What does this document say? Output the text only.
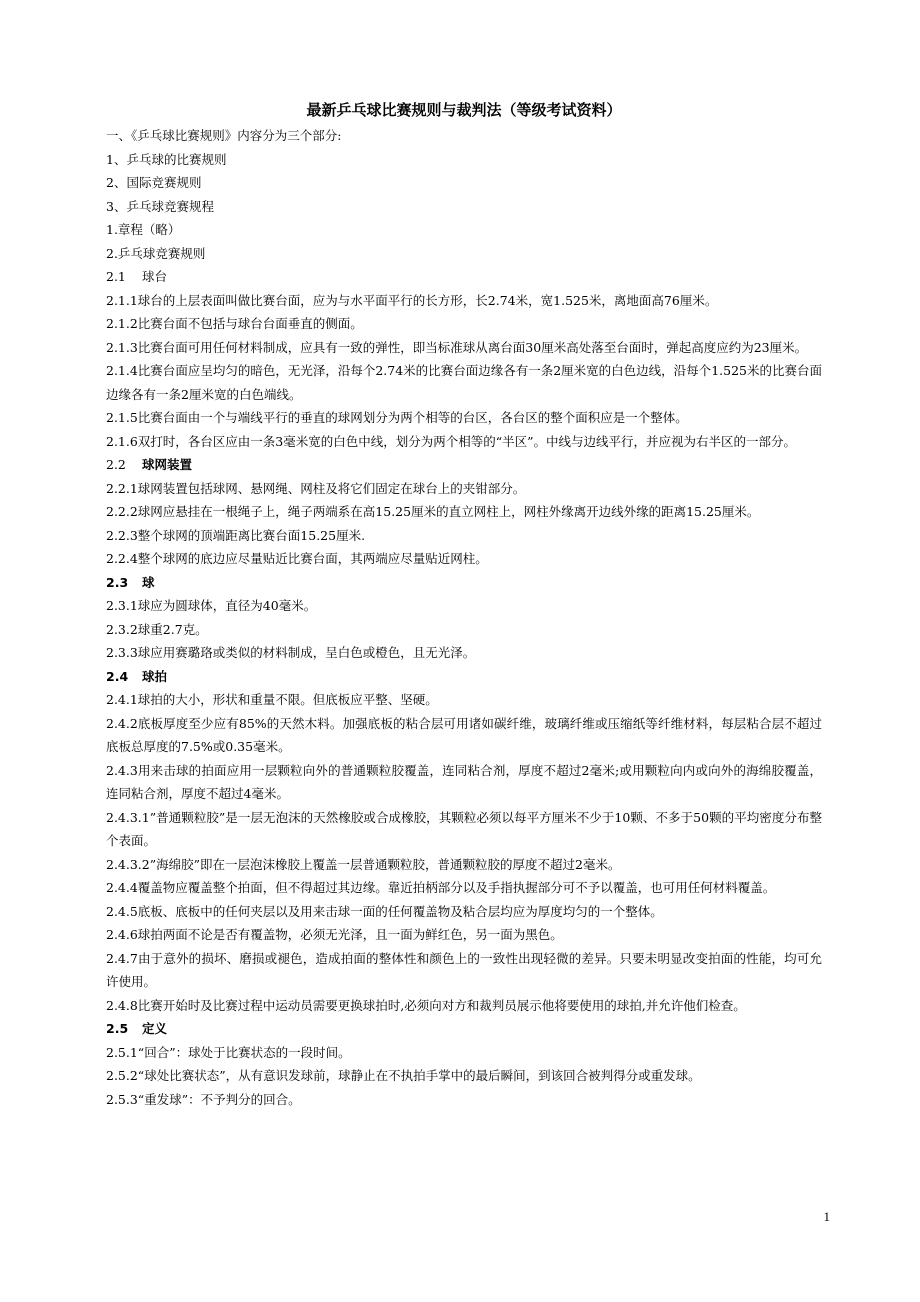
最新乒乓球比赛规则与裁判法（等级考试资料）

一、《乒乓球比赛规则》内容分为三个部分:

1、乒乓球的比赛规则

2、国际竞赛规则

3、乒乓球竞赛规程

1.章程（略）

2.乒乓球竞赛规则

2.1 球台

2.1.1球台的上层表面叫做比赛台面，应为与水平面平行的长方形，长2.74米，宽1.525米，离地面高76厘米。

2.1.2比赛台面不包括与球台台面垂直的侧面。

2.1.3比赛台面可用任何材料制成，应具有一致的弹性，即当标准球从离台面30厘米高处落至台面时，弹起高度应约为23厘米。

2.1.4比赛台面应呈均匀的暗色，无光泽，沿每个2.74米的比赛台面边缘各有一条2厘米宽的白色边线，沿每个1.525米的比赛台面边缘各有一条2厘米宽的白色端线。

2.1.5比赛台面由一个与端线平行的垂直的球网划分为两个相等的台区，各台区的整个面积应是一个整体。

2.1.6双打时，各台区应由一条3毫米宽的白色中线，划分为两个相等的“半区”。中线与边线平行，并应视为右半区的一部分。

2.2 球网装置

2.2.1球网装置包括球网、悬网绳、网柱及将它们固定在球台上的夹钳部分。

2.2.2球网应悬挂在一根绳子上，绳子两端系在高15.25厘米的直立网柱上，网柱外缘离开边线外缘的距离15.25厘米。

2.2.3整个球网的顶端距离比赛台面15.25厘米.

2.2.4整个球网的底边应尽量贴近比赛台面，其两端应尽量贴近网柱。

2.3 球

2.3.1球应为圆球体，直径为40毫米。

2.3.2球重2.7克。

2.3.3球应用赛璐珞或类似的材料制成，呈白色或橙色，且无光泽。

2.4 球拍

2.4.1球拍的大小，形状和重量不限。但底板应平整、坚硬。

2.4.2底板厚度至少应有85%的天然木料。加强底板的粘合层可用诸如碳纤维，玻璃纤维或压缩纸等纤维材料，每层粘合层不超过底板总厚度的7.5%或0.35毫米。

2.4.3用来击球的拍面应用一层颗粒向外的普通颗粒胶覆盖，连同粘合剂，厚度不超过2毫米;或用颗粒向内或向外的海绵胶覆盖，连同粘合剂，厚度不超过4毫米。

2.4.3.1”普通颗粒胶”是一层无泡沫的天然橡胶或合成橡胶，其颗粒必须以每平方厘米不少于10颗、不多于50颗的平均密度分布整个表面。

2.4.3.2”海绵胶”即在一层泡沫橡胶上覆盖一层普通颗粒胶，普通颗粒胶的厚度不超过2毫米。

2.4.4覆盖物应覆盖整个拍面，但不得超过其边缘。靠近拍柄部分以及手指执握部分可不予以覆盖，也可用任何材料覆盖。

2.4.5底板、底板中的任何夹层以及用来击球一面的任何覆盖物及粘合层均应为厚度均匀的一个整体。

2.4.6球拍两面不论是否有覆盖物，必须无光泽，且一面为鲜红色，另一面为黑色。

2.4.7由于意外的损坏、磨损或褪色，造成拍面的整体性和颜色上的一致性出现轻微的差异。只要未明显改变拍面的性能，均可允许使用。

2.4.8比赛开始时及比赛过程中运动员需要更换球拍时,必须向对方和裁判员展示他将要使用的球拍,并允许他们检查。

2.5 定义

2.5.1“回合”：球处于比赛状态的一段时间。

2.5.2“球处比赛状态”，从有意识发球前，球静止在不执拍手掌中的最后瞬间，到该回合被判得分或重发球。

2.5.3“重发球”：不予判分的回合。

1
